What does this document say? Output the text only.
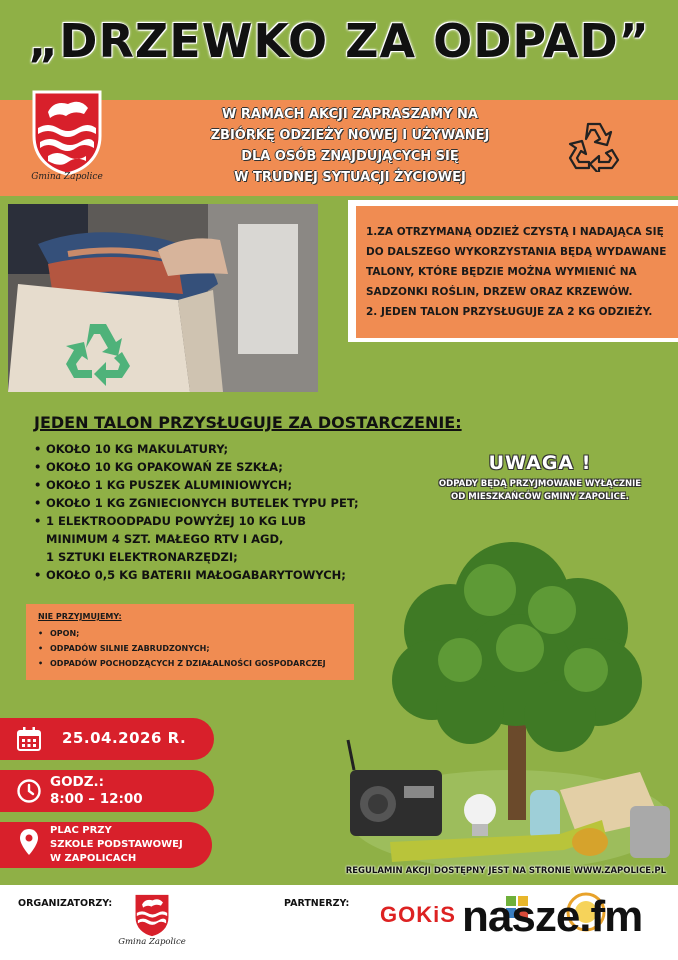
„DRZEWKO ZA ODPAD”
Gmina Zapolice
W RAMACH AKCJI ZAPRASZAMY NA
ZBIÓRKĘ ODZIEŻY NOWEJ I UŻYWANEJ
DLA OSÓB ZNAJDUJĄCYCH SIĘ
W TRUDNEJ SYTUACJI ŻYCIOWEJ
1.ZA OTRZYMANĄ ODZIEŻ CZYSTĄ I NADAJĄCA SIĘ DO DALSZEGO WYKORZYSTANIA BĘDĄ WYDAWANE TALONY, KTÓRE BĘDZIE MOŻNA WYMIENIĆ NA SADZONKI ROŚLIN, DRZEW ORAZ KRZEWÓW.
2. JEDEN TALON PRZYSŁUGUJE ZA 2 KG ODZIEŻY.
JEDEN TALON PRZYSŁUGUJE ZA DOSTARCZENIE:
• OKOŁO 10 KG MAKULATURY;
• OKOŁO 10 KG OPAKOWAŃ ZE SZKŁA;
• OKOŁO 1 KG PUSZEK ALUMINIOWYCH;
• OKOŁO 1 KG ZGNIECIONYCH BUTELEK TYPU PET;
• 1 ELEKTROODPADU POWYŻEJ 10 KG LUB
MINIMUM 4 SZT. MAŁEGO RTV I AGD,
1 SZTUKI ELEKTRONARZĘDZI;
• OKOŁO 0,5 KG BATERII MAŁOGABARYTOWYCH;
UWAGA !
ODPADY BĘDĄ PRZYJMOWANE WYŁĄCZNIE
OD MIESZKAŃCÓW GMINY ZAPOLICE.
NIE PRZYJMUJEMY:
• OPON;
• ODPADÓW SILNIE ZABRUDZONYCH;
• ODPADÓW POCHODZĄCYCH Z DZIAŁALNOŚCI GOSPODARCZEJ
25.04.2026 R.
GODZ.:
8:00 – 12:00
PLAC PRZY
SZKOLE PODSTAWOWEJ
W ZAPOLICACH
REGULAMIN AKCJI DOSTĘPNY JEST NA STRONIE WWW.ZAPOLICE.PL
ORGANIZATORZY:
Gmina Zapolice
PARTNERZY: GOKiS nasze.fm
